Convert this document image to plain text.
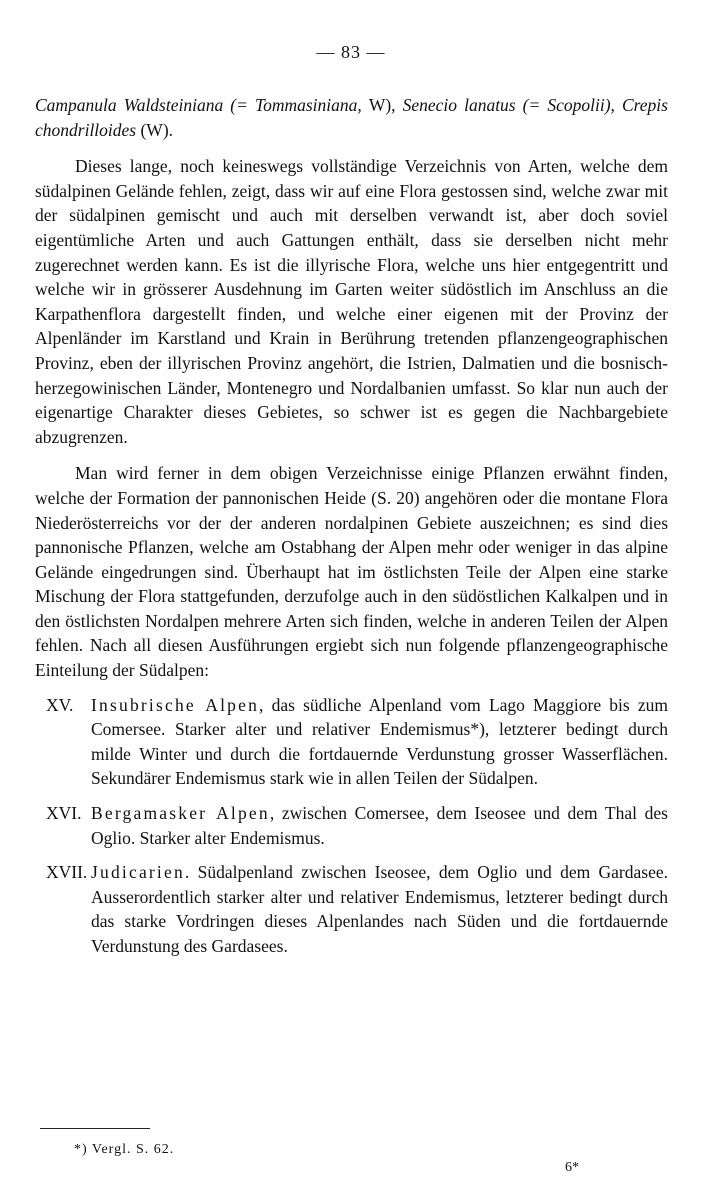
— 83 —

Campanula Waldsteiniana (= Tommasiniana, W), Senecio lanatus (= Scopolii), Crepis chondrilloides (W).

Dieses lange, noch keineswegs vollständige Verzeichnis von Arten, welche dem südalpinen Gelände fehlen, zeigt, dass wir auf eine Flora gestossen sind, welche zwar mit der südalpinen gemischt und auch mit derselben verwandt ist, aber doch soviel eigentümliche Arten und auch Gattungen enthält, dass sie derselben nicht mehr zugerechnet werden kann. Es ist die illyrische Flora, welche uns hier entgegentritt und welche wir in grösserer Ausdehnung im Garten weiter südöstlich im Anschluss an die Karpathenflora dargestellt finden, und welche einer eigenen mit der Provinz der Alpenländer im Karstland und Krain in Berührung tretenden pflanzengeographischen Provinz, eben der illyrischen Provinz angehört, die Istrien, Dalmatien und die bosnisch-herzegowinischen Länder, Montenegro und Nordalbanien umfasst. So klar nun auch der eigenartige Charakter dieses Gebietes, so schwer ist es gegen die Nachbargebiete abzugrenzen.

Man wird ferner in dem obigen Verzeichnisse einige Pflanzen erwähnt finden, welche der Formation der pannonischen Heide (S. 20) angehören oder die montane Flora Niederösterreichs vor der der anderen nordalpinen Gebiete auszeichnen; es sind dies pannonische Pflanzen, welche am Ostabhang der Alpen mehr oder weniger in das alpine Gelände eingedrungen sind. Überhaupt hat im östlichsten Teile der Alpen eine starke Mischung der Flora stattgefunden, derzufolge auch in den südöstlichen Kalkalpen und in den östlichsten Nordalpen mehrere Arten sich finden, welche in anderen Teilen der Alpen fehlen. Nach all diesen Ausführungen ergiebt sich nun folgende pflanzengeographische Einteilung der Südalpen:

XV.	Insubrische Alpen, das südliche Alpenland vom Lago Maggiore bis zum Comersee. Starker alter und relativer Endemismus*), letzterer bedingt durch milde Winter und durch die fortdauernde Verdunstung grosser Wasserflächen. Sekundärer Endemismus stark wie in allen Teilen der Südalpen.
XVI. Bergamasker Alpen, zwischen Comersee, dem Iseosee und dem Thal des Oglio. Starker alter Endemismus.
XVII. Judicarien. Südalpenland zwischen Iseosee, dem Oglio und dem Gardasee. Ausserordentlich starker alter und relativer Endemismus, letzterer bedingt durch das starke Vordringen dieses Alpenlandes nach Süden und die fortdauernde Verdunstung des Gardasees.
*) Vergl. S. 62.
6*
